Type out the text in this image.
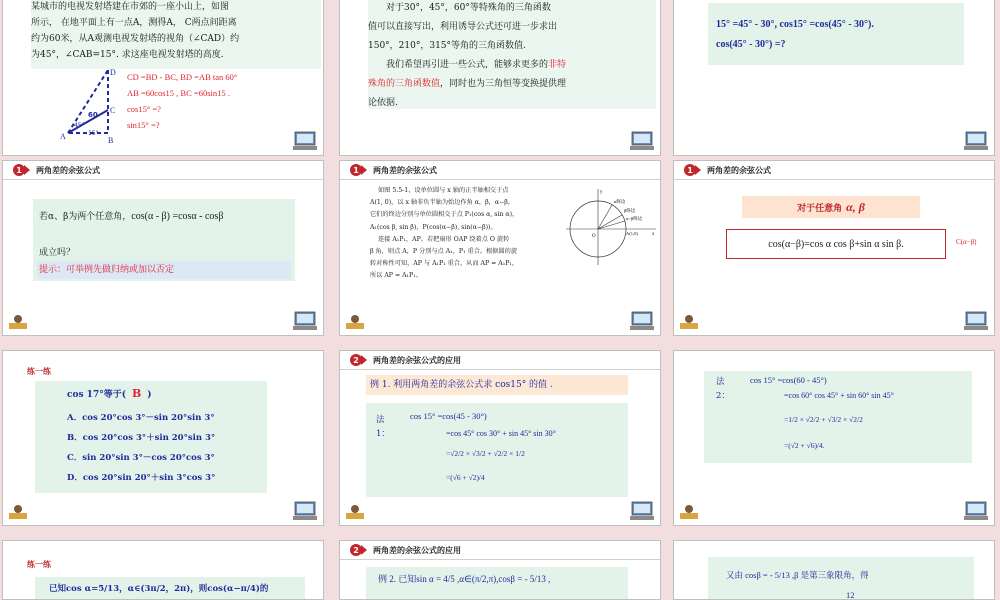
某城市的电视发射塔建在市郊的一座小山上，如图
所示， 在地平面上有一点A，测得A， C两点间距离
约为60米，从A观测电视发射塔的视角（∠CAD）约
为45°，∠CAB=15°. 求这座电视发射塔的高度.
D
C
A	B
60
45°
15°
CD =BD - BC, BD =AB tan 60°
AB =60cos15 , BC =60sin15 .
cos15° =?
sin15° =?
对于30°，45°，60°等特殊角的三角函数
值可以直接写出，利用诱导公式还可进一步求出
150°，210°，315°等角的三角函数值.
我们希望再引进一些公式，能够求更多的非特
殊角的三角函数值，同时也为三角恒等变换提供理
论依据.
15° =45° - 30°, cos15° =cos(45° - 30°).
cos(45° - 30°) =?
1	两角差的余弦公式
若α、β为两个任意角，cos(α - β) =cosα - cosβ
成立吗？
提示：可举例先做归纳或加以否定
1	两角差的余弦公式
如图 5.5-1，设单位圆与 x 轴的正半轴相交于点
A(1, 0)，以 x 轴非负半轴为始边作角 α，β，α−β，
它们的终边分别与单位圆相交于点 P₁(cos α, sin α)，
A₁(cos β, sin β)，P(cos(α−β), sin(α−β))。
连接 A₁P₁，AP。若把扇形 OAP 绕着点 O 旋转
β 角，则点 A，P 分别与点 A₁，P₁ 重合。根据圆的旋
转对称性可知，AP 与 A₁P₁ 重合，从而 AP = A₁P₁，
所以 AP = A₁P₁。
y
x
O
A(1,0)
α终边
β终边
α−β终边
1	两角差的余弦公式
对于任意角 α, β
cos(α−β)=cos α cos β+sin α sin β.	C(α−β)
练一练
cos 17°等于( B )
A．cos 20°cos 3°－sin 20°sin 3°
B．cos 20°cos 3°＋sin 20°sin 3°
C．sin 20°sin 3°－cos 20°cos 3°
D．cos 20°sin 20°＋sin 3°cos 3°
2	两角差的余弦公式的应用
例 1. 利用两角差的余弦公式求 cos15° 的值 .
法
1：
cos 15° =cos(45 - 30°)
=cos 45° cos 30° + sin 45° sin 30°
=√2/2 × √3/2 + √2/2 × 1/2
=(√6 + √2)/4
法
2：
cos 15° =cos(60 - 45°)
=cos 60° cos 45° + sin 60° sin 45°
=1/2 × √2/2 + √3/2 × √2/2
=(√2 + √6)/4.
练一练
已知cos α=5/13，α∈(3π/2，2π)，则cos(α−π/4)的
2	两角差的余弦公式的应用
例 2. 已知sin α = 4/5 ,α∈(π/2,π),cosβ = - 5/13 ,	又由 cosβ = - 5/13 ,β 是第三象限角，得
12
